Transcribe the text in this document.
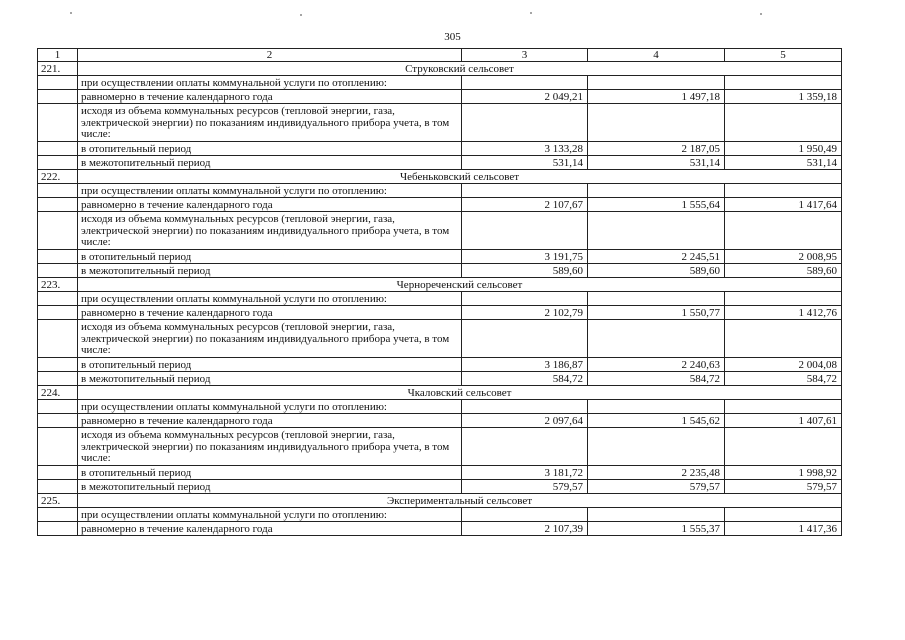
305
1	2	3	4	5
221.	Струковский сельсовет			
	при осуществлении оплаты коммунальной услуги по отоплению:			
	равномерно в течение календарного года	2 049,21	1 497,18	1 359,18
	исходя из объема коммунальных ресурсов (тепловой энергии, газа, электрической энергии) по показаниям индивидуального прибора учета, в том числе:			
	в отопительный период	3 133,28	2 187,05	1 950,49
	в межотопительный период	531,14	531,14	531,14
222.	Чебеньковский сельсовет			
	при осуществлении оплаты коммунальной услуги по отоплению:			
	равномерно в течение календарного года	2 107,67	1 555,64	1 417,64
	исходя из объема коммунальных ресурсов (тепловой энергии, газа, электрической энергии) по показаниям индивидуального прибора учета, в том числе:			
	в отопительный период	3 191,75	2 245,51	2 008,95
	в межотопительный период	589,60	589,60	589,60
223.	Чернореченский сельсовет			
	при осуществлении оплаты коммунальной услуги по отоплению:			
	равномерно в течение календарного года	2 102,79	1 550,77	1 412,76
	исходя из объема коммунальных ресурсов (тепловой энергии, газа, электрической энергии) по показаниям индивидуального прибора учета, в том числе:			
	в отопительный период	3 186,87	2 240,63	2 004,08
	в межотопительный период	584,72	584,72	584,72
224.	Чкаловский сельсовет			
	при осуществлении оплаты коммунальной услуги по отоплению:			
	равномерно в течение календарного года	2 097,64	1 545,62	1 407,61
	исходя из объема коммунальных ресурсов (тепловой энергии, газа, электрической энергии) по показаниям индивидуального прибора учета, в том числе:			
	в отопительный период	3 181,72	2 235,48	1 998,92
	в межотопительный период	579,57	579,57	579,57
225.	Экспериментальный сельсовет			
	при осуществлении оплаты коммунальной услуги по отоплению:			
	равномерно в течение календарного года	2 107,39	1 555,37	1 417,36
